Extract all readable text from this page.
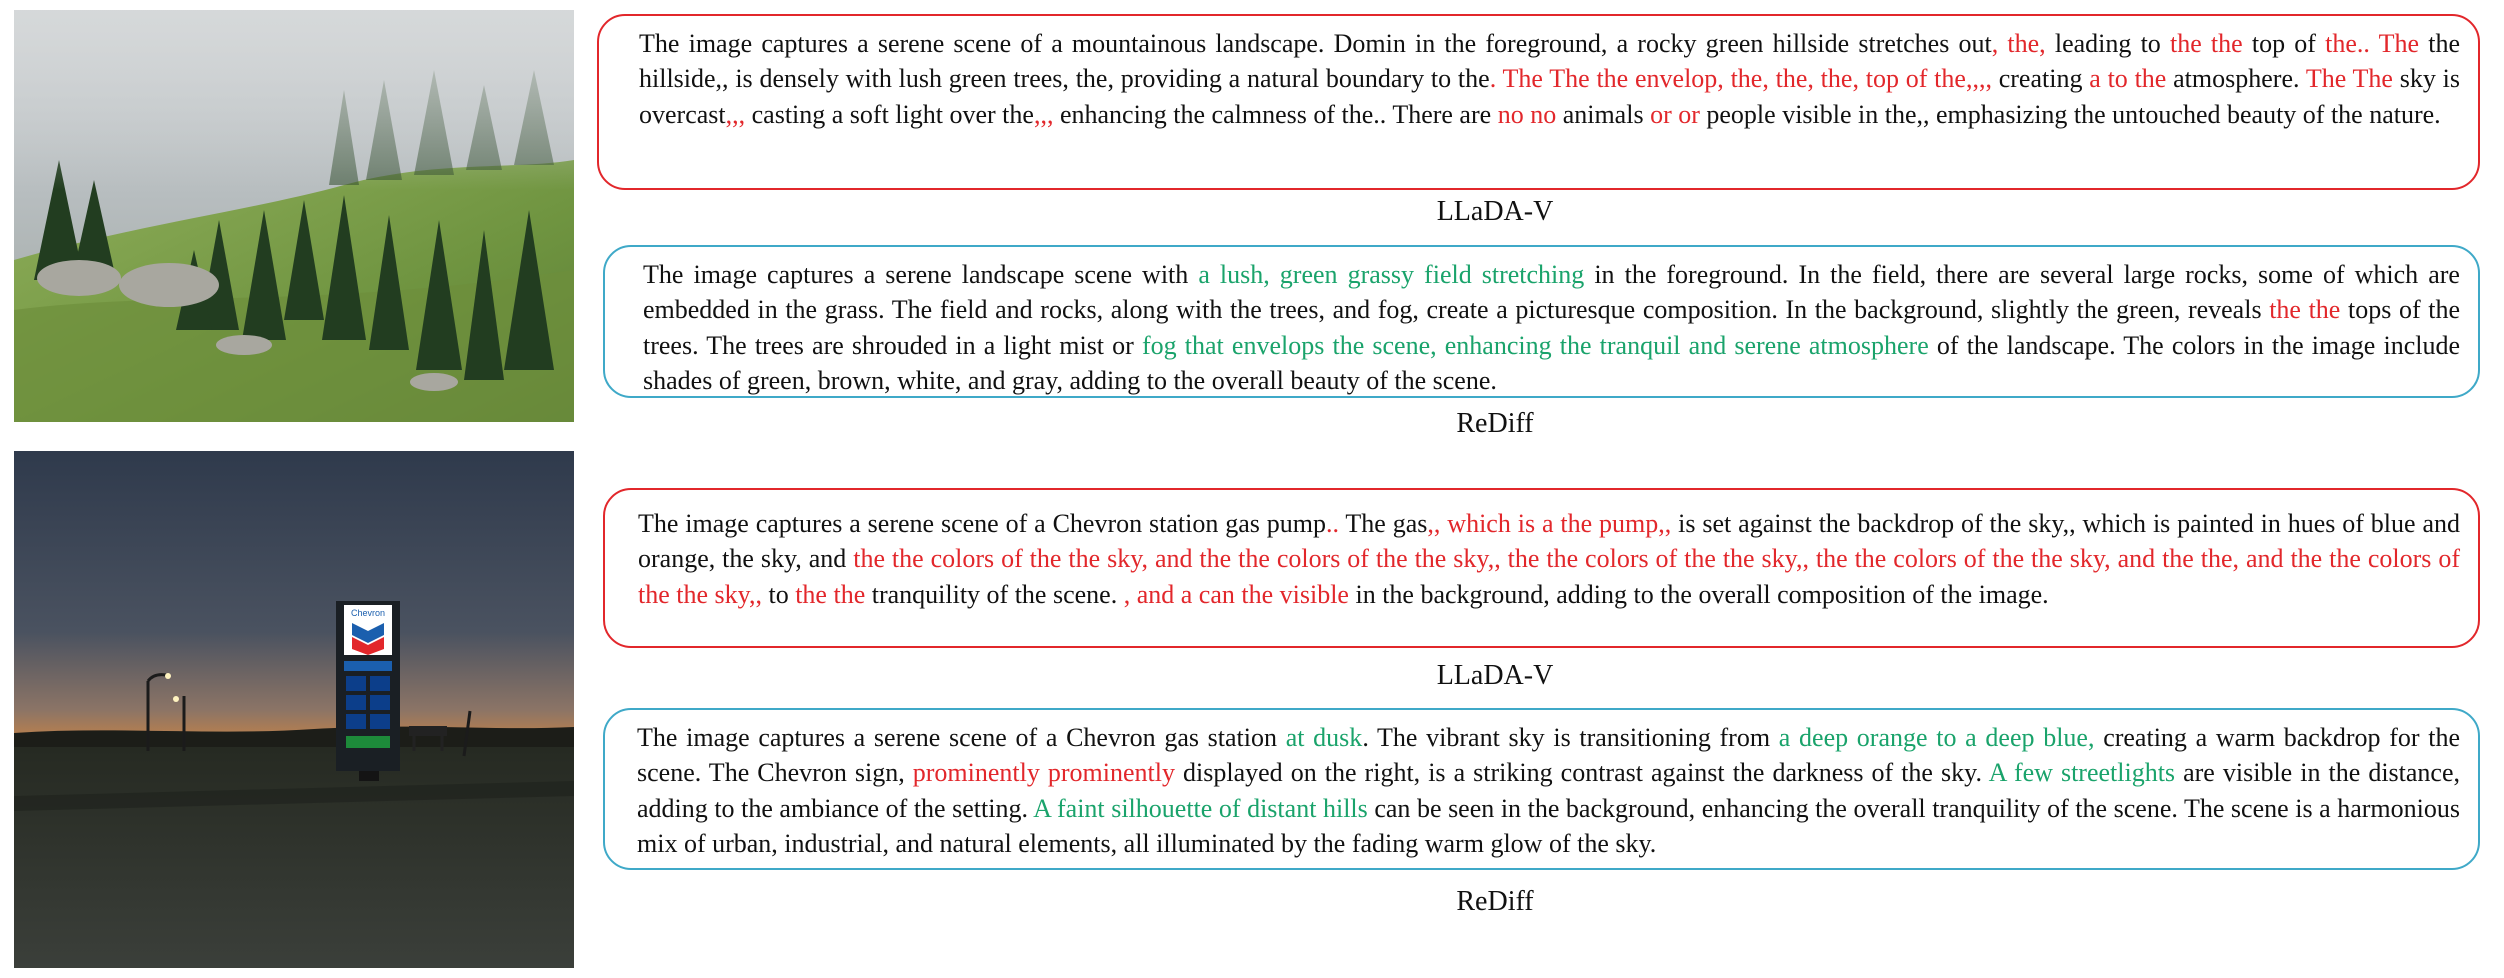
The image captures a serene scene of a mountainous landscape. Domin in the foreground, a rocky green hillside stretches out, the, leading to the the top of the.. The the hillside,, is densely with lush green trees, the, providing a natural boundary to the. The The the envelop, the, the, the, top of the,,,, creating a to the atmosphere. The The sky is overcast,,, casting a soft light over the,,, enhancing the calmness of the.. There are no no animals or or people visible in the,, emphasizing the untouched beauty of the nature.
LLaDA-V
The image captures a serene landscape scene with a lush, green grassy field stretching in the foreground. In the field, there are several large rocks, some of which are embedded in the grass. The field and rocks, along with the trees, and fog, create a picturesque composition. In the background, slightly the green, reveals the the tops of the trees. The trees are shrouded in a light mist or fog that envelops the scene, enhancing the tranquil and serene atmosphere of the landscape. The colors in the image include shades of green, brown, white, and gray, adding to the overall beauty of the scene.
ReDiff
Chevron
The image captures a serene scene of a Chevron station gas pump.. The gas,, which is a the pump,, is set against the backdrop of the sky,, which is painted in hues of blue and orange, the sky, and the the colors of the the sky, and the the colors of the the sky,, the the colors of the the sky,, the the colors of the the sky, and the the, and the the colors of the the sky,, to the the tranquility of the scene. , and a can the visible in the background, adding to the overall composition of the image.
LLaDA-V
The image captures a serene scene of a Chevron gas station at dusk. The vibrant sky is transitioning from a deep orange to a deep blue, creating a warm backdrop for the scene. The Chevron sign, prominently prominently displayed on the right, is a striking contrast against the darkness of the sky. A few streetlights are visible in the distance, adding to the ambiance of the setting. A faint silhouette of distant hills can be seen in the background, enhancing the overall tranquility of the scene. The scene is a harmonious mix of urban, industrial, and natural elements, all illuminated by the fading warm glow of the sky.
ReDiff
